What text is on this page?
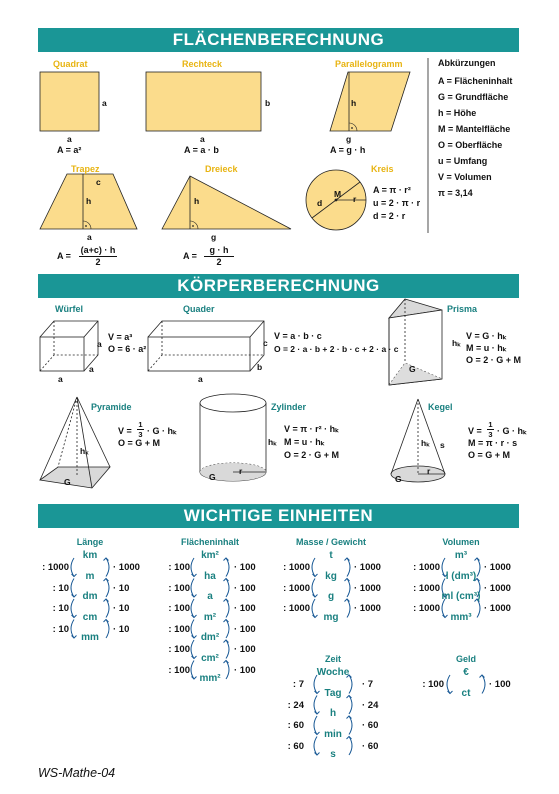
FLÄCHENBERECHNUNG
KÖRPERBERECHNUNG
WICHTIGE EINHEITEN
Quadrat
a
a
A = a²
Rechteck
b
a
A = a · b
Parallelogramm
h
g
A = g · h
Trapez
c
h
a
A =
(a+c) · h
2
Dreieck
h
g
A =
g · h
2
Kreis
d
M r
A = π · r²
u = 2 · π · r
d = 2 · r
Abkürzungen
A = Flächeninhalt
G = Grundfläche
h = Höhe
M = Mantelfläche
O = Oberfläche
u = Umfang
V = Volumen
π = 3,14
Würfel
a
a
a
V = a³
O = 6 · a²
Quader
c
b
a
V = a · b · c
O = 2 · a · b + 2 · b · c + 2 · a · c
Prisma
hₖ
G
V = G · hₖ
M = u · hₖ
O = 2 · G + M
Pyramide
hₖ
G
V =
1
3 · G · hₖ
O = G + M
Zylinder
hₖ
G
r
V = π · r² · hₖ
M = u · hₖ
O = 2 · G + M
Kegel
hₖ s
G
r
V =
1
3 · G · hₖ
M = π · r · s
O = G + M
Länge
km
: 1000	· 1000
m
: 10	· 10
dm
: 10	· 10
cm
: 10	· 10
mm
Flächeninhalt
km²
: 100	· 100
ha
: 100	· 100
a
: 100	· 100
m²
: 100	· 100
dm²
: 100	· 100
cm²
: 100	· 100
mm²
Masse / Gewicht
t
: 1000	· 1000
kg
: 1000	· 1000
g
: 1000	· 1000
mg
Volumen
m³
: 1000	· 1000
l (dm³)
: 1000	· 1000
ml (cm³)
: 1000	· 1000
mm³
Zeit
Woche
: 7	· 7
Tag
: 24	· 24
h
: 60	· 60
min
: 60	· 60
s
Geld
€
: 100	· 100
ct
WS-Mathe-04
